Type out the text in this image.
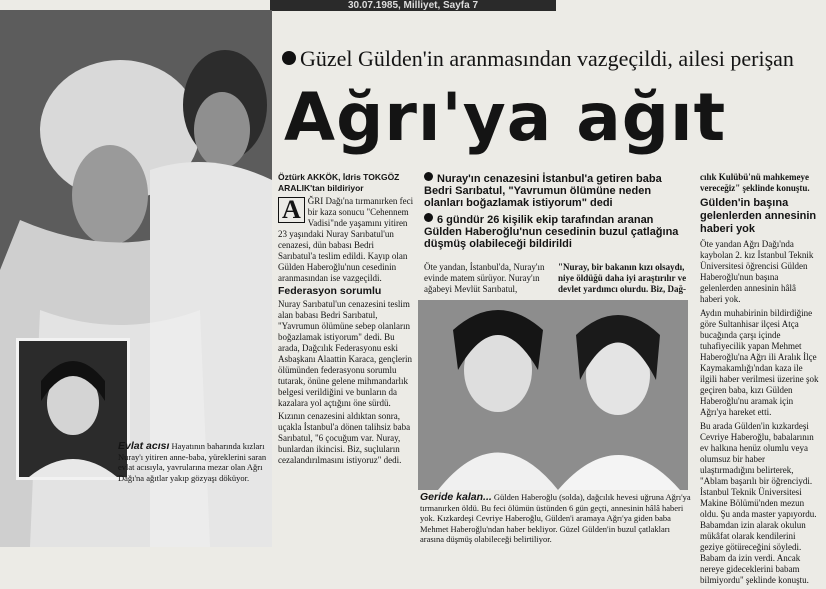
30.07.1985, Milliyet, Sayfa 7
Evlat acısı Hayatının baharında kızları Nuray'ı yitiren anne-baba, yüreklerini saran evlat acısıyla, yavrularına mezar olan Ağrı Dağı'na ağıtlar yakıp gözyaşı döküyor.
Güzel Gülden'in aranmasından vazgeçildi, ailesi perişan
Ağrı'ya ağıt

Öztürk AKKÖK, İdris TOKGÖZ ARALIK'tan bildiriyor

A ĞRI Dağı'na tırmanırken feci bir kaza sonucu "Cehennem Vadisi"nde yaşamını yitiren 23 yaşındaki Nuray Sarıbatul'un cenazesi, dün babası Bedri Sarıbatul'a teslim edildi. Kayıp olan Gülden Haberoğlu'nun cesedinin aranmasından ise vazgeçildi.

Federasyon sorumlu

Nuray Sarıbatul'un cenazesini teslim alan babası Bedri Sarıbatul, "Yavrumun ölümüne sebep olanların boğazlamak istiyorum" dedi. Bu arada, Dağcılık Federasyonu eski Asbaşkanı Alaattin Karaca, gençlerin ölümünden federasyonu sorumlu tutarak, önüne gelene mihmandarlık belgesi verildiğini ve bunların da kazalara yol açtığını öne sürdü.

Kızının cenazesini aldıktan sonra, uçakla İstanbul'a dönen talihsiz baba Sarıbatul, "6 çocuğum var. Nuray, bunlardan ikincisi. Biz, suçluların cezalandırılmasını istiyoruz" dedi.

Nuray'ın cenazesini İstanbul'a getiren baba Bedri Sarıbatul, "Yavrumun ölümüne neden olanları boğazlamak istiyorum" dedi
6 gündür 26 kişilik ekip tarafından aranan Gülden Haberoğlu'nun cesedinin buzul çatlağına düşmüş olabileceği bildirildi

Öte yandan, İstanbul'da, Nuray'ın evinde matem sürüyor. Nuray'ın ağabeyi Mevlüt Sarıbatul,

"Nuray, bir bakanın kızı olsaydı, niye öldüğü daha iyi araştırılır ve devlet yardımcı olurdu. Biz, Dağ-

Geride kalan... Gülden Haberoğlu (solda), dağcılık hevesi uğruna Ağrı'ya tırmanırken öldü. Bu feci ölümün üstünden 6 gün geçti, annesinin hâlâ haberi yok. Kızkardeşi Cevriye Haberoğlu, Gülden'i aramaya Ağrı'ya giden baba Mehmet Haberoğlu'ndan haber bekliyor. Güzel Gülden'in buzul çatlakları arasına düşmüş olabileceği belirtiliyor.

cılık Kulübü'nü mahkemeye vereceğiz" şeklinde konuştu.

Gülden'in başına gelenlerden annesinin haberi yok

Öte yandan Ağrı Dağı'nda kaybolan 2. kız İstanbul Teknik Üniversitesi öğrencisi Gülden Haberoğlu'nun başına gelenlerden annesinin hâlâ haberi yok.

Aydın muhabirinin bildirdiğine göre Sultanhisar ilçesi Atça bucağında çarşı içinde tuhafiyecilik yapan Mehmet Haberoğlu'na Ağrı ili Aralık İlçe Kaymakamlığı'ndan kaza ile ilgili haber verilmesi üzerine şok geçiren baba, kızı Gülden Haberoğlu'nu aramak için Ağrı'ya hareket etti.

Bu arada Gülden'in kızkardeşi Cevriye Haberoğlu, babalarının ev halkına henüz olumlu veya olumsuz bir haber ulaştırmadığını belirterek, "Ablam başarılı bir öğrenciydi. İstanbul Teknik Üniversitesi Makine Bölümü'nden mezun oldu. Şu anda master yapıyordu. Babamdan izin alarak okulun mükâfat olarak kendilerini geziye götüreceğini söyledi. Babam da izin verdi. Ancak nereye gideceklerini babam bilmiyordu" şeklinde konuştu.
